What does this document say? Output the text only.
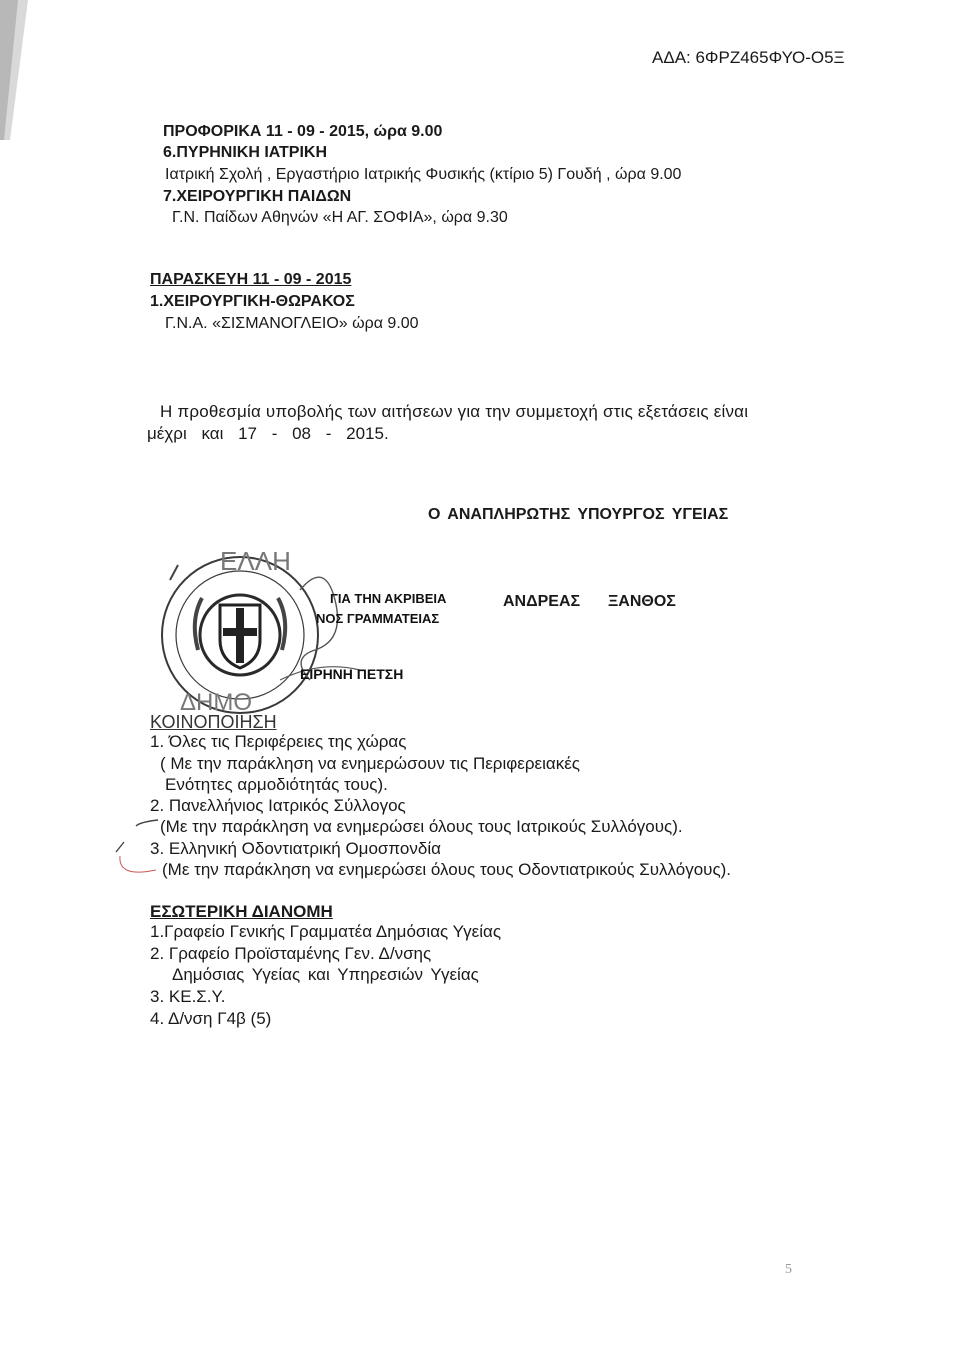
ΑΔΑ: 6ΦΡΖ465ΦΥΟ-Ο5Ξ
ΠΡΟΦΟΡΙΚΑ 11 - 09 - 2015, ώρα 9.00
6.ΠΥΡΗΝΙΚΗ ΙΑΤΡΙΚΗ
Ιατρική Σχολή , Εργαστήριο Ιατρικής Φυσικής (κτίριο 5) Γουδή , ώρα 9.00
7.ΧΕΙΡΟΥΡΓΙΚΗ ΠΑΙΔΩΝ
Γ.Ν. Παίδων Αθηνών «Η ΑΓ. ΣΟΦΙΑ», ώρα 9.30
ΠΑΡΑΣΚΕΥΗ 11 - 09 - 2015
1.ΧΕΙΡΟΥΡΓΙΚΗ-ΘΩΡΑΚΟΣ
Γ.Ν.Α. «ΣΙΣΜΑΝΟΓΛΕΙΟ» ώρα 9.00
Η προθεσμία υποβολής των αιτήσεων για την συμμετοχή στις εξετάσεις είναι
μέχρι και 17 - 08 - 2015.
Ο ΑΝΑΠΛΗΡΩΤΗΣ ΥΠΟΥΡΓΟΣ ΥΓΕΙΑΣ
ΑΝΔΡΕΑΣ ΞΑΝΘΟΣ

ΕΛΛΗ
ΔΗΜΟ
ΓΙΑ ΤΗΝ ΑΚΡΙΒΕΙΑ
ΝΟΣ ΓΡΑΜΜΑΤΕΙΑΣ
ΕΙΡΗΝΗ ΠΕΤΣΗ
ΚΟΙΝΟΠΟΙΗΣΗ
1. Όλες τις Περιφέρειες της χώρας
( Με την παράκληση να ενημερώσουν τις Περιφερειακές
Ενότητες αρμοδιότητάς τους).
2. Πανελλήνιος Ιατρικός Σύλλογος
(Με την παράκληση να ενημερώσει όλους τους Ιατρικούς Συλλόγους).
3. Ελληνική Οδοντιατρική Ομοσπονδία
(Με την παράκληση να ενημερώσει όλους τους Οδοντιατρικούς Συλλόγους).
ΕΣΩΤΕΡΙΚΗ ΔΙΑΝΟΜΗ
1.Γραφείο Γενικής Γραμματέα Δημόσιας Υγείας
2. Γραφείο Προϊσταμένης Γεν. Δ/νσης
Δημόσιας Υγείας και Υπηρεσιών Υγείας
3. ΚΕ.Σ.Υ.
4. Δ/νση Γ4β (5)
5
